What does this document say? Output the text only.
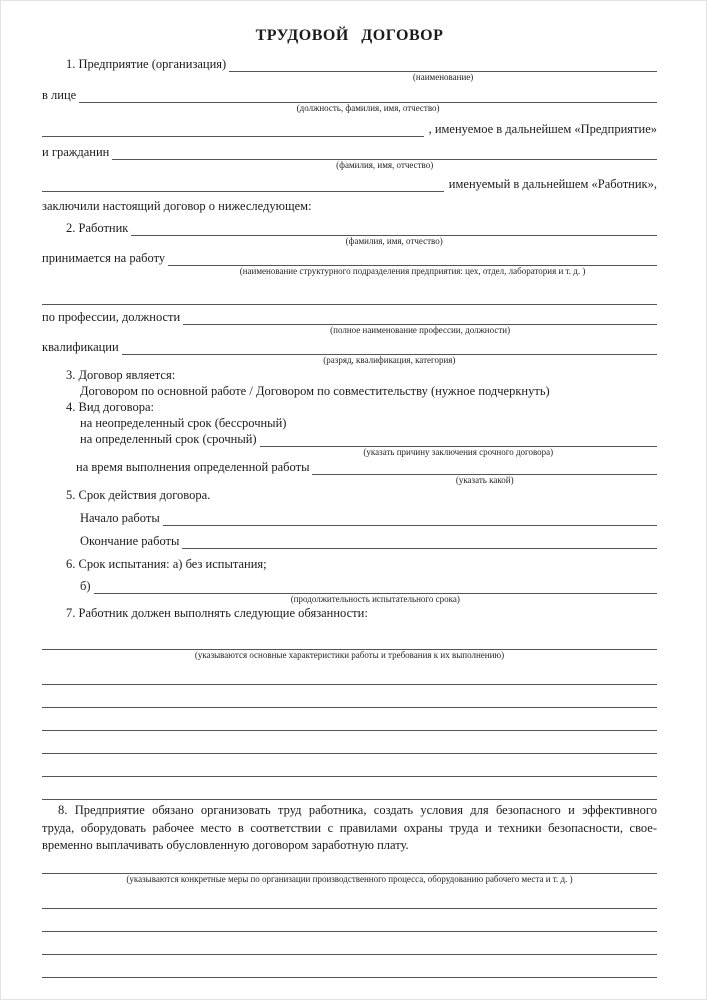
ТРУДОВОЙ ДОГОВОР
1. Предприятие (организация)
(наименование)
в лице
(должность, фамилия, имя, отчество)
, именуемое в дальнейшем «Предприятие»
и гражданин
(фамилия, имя, отчество)
именуемый в дальнейшем «Работник»,
заключили настоящий договор о нижеследующем:
2. Работник
(фамилия, имя, отчество)
принимается на работу
(наименование структурного подразделения предприятия: цех, отдел, лаборатория и т. д. )
по профессии, должности
(полное наименование профессии, должности)
квалификации
(разряд, квалификация, категория)
3. Договор является:
Договором по основной работе / Договором по совместительству (нужное подчеркнуть)
4. Вид договора:
на неопределенный срок (бессрочный)
на определенный срок (срочный)
(указать причину заключения срочного договора)
на время выполнения определенной работы
(указать какой)
5. Срок действия договора.
Начало работы
Окончание работы
6. Срок испытания: а) без испытания;
б)
(продолжительность испытательного срока)
7. Работник должен выполнять следующие обязанности:
(указываются основные характеристики работы и требования к их выполнению)
8. Предприятие обязано организовать труд работника, создать условия для безопасного и эффективного
труда, оборудовать рабочее место в соответствии с правилами охраны труда и техники безопасности, свое-
временно выплачивать обусловленную договором заработную плату.
(указываются конкретные меры по организации производственного процесса, оборудованию рабочего места и т. д. )
